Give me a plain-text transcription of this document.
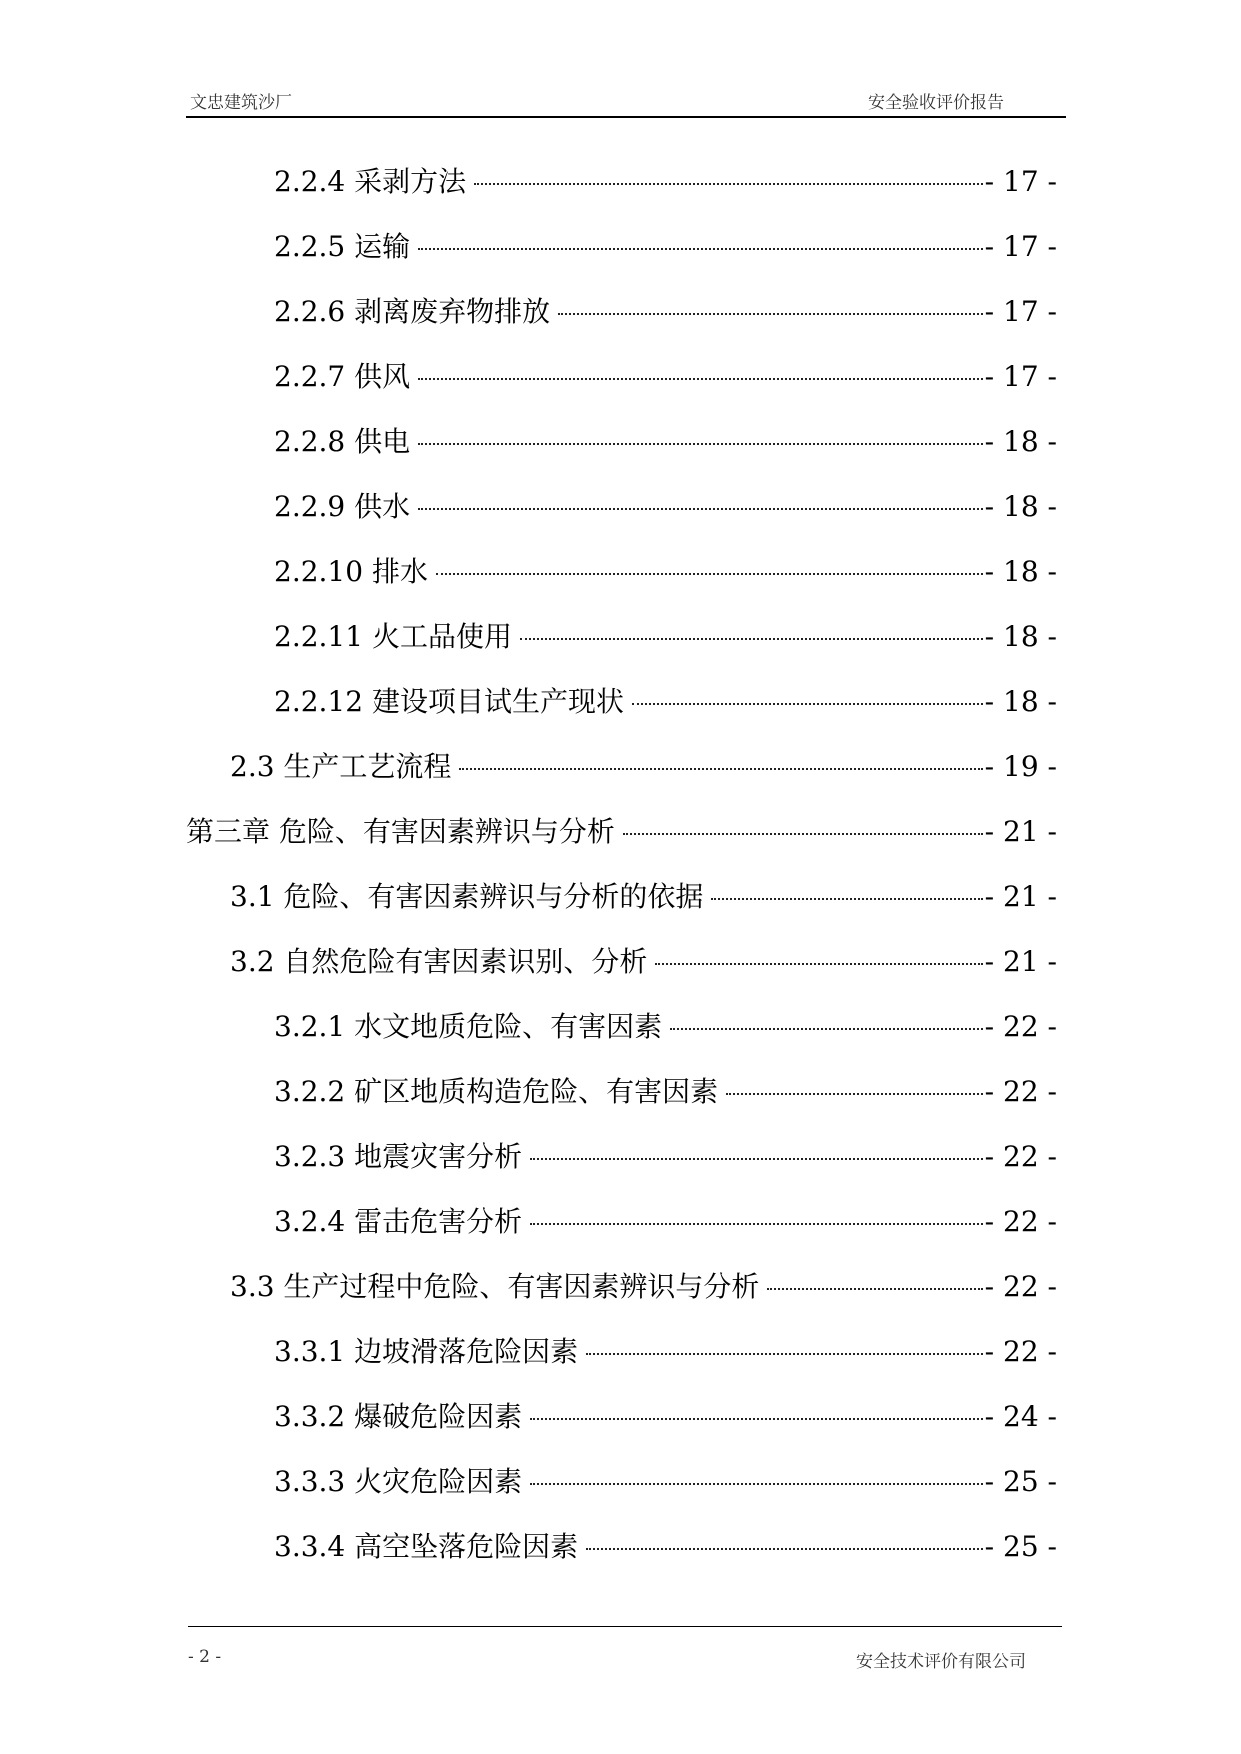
文忠建筑沙厂	安全验收评价报告
2.2.4 采剥方法	- 17 -
2.2.5 运输	- 17 -
2.2.6 剥离废弃物排放	- 17 -
2.2.7 供风	- 17 -
2.2.8 供电	- 18 -
2.2.9 供水	- 18 -
2.2.10 排水	- 18 -
2.2.11 火工品使用	- 18 -
2.2.12 建设项目试生产现状	- 18 -
2.3 生产工艺流程	- 19 -
第三章 危险、有害因素辨识与分析	- 21 -
3.1 危险、有害因素辨识与分析的依据	- 21 -
3.2 自然危险有害因素识别、分析	- 21 -
3.2.1 水文地质危险、有害因素	- 22 -
3.2.2 矿区地质构造危险、有害因素	- 22 -
3.2.3 地震灾害分析	- 22 -
3.2.4 雷击危害分析	- 22 -
3.3 生产过程中危险、有害因素辨识与分析	- 22 -
3.3.1 边坡滑落危险因素	- 22 -
3.3.2 爆破危险因素	- 24 -
3.3.3 火灾危险因素	- 25 -
3.3.4 高空坠落危险因素	- 25 -
- 2 -	安全技术评价有限公司
